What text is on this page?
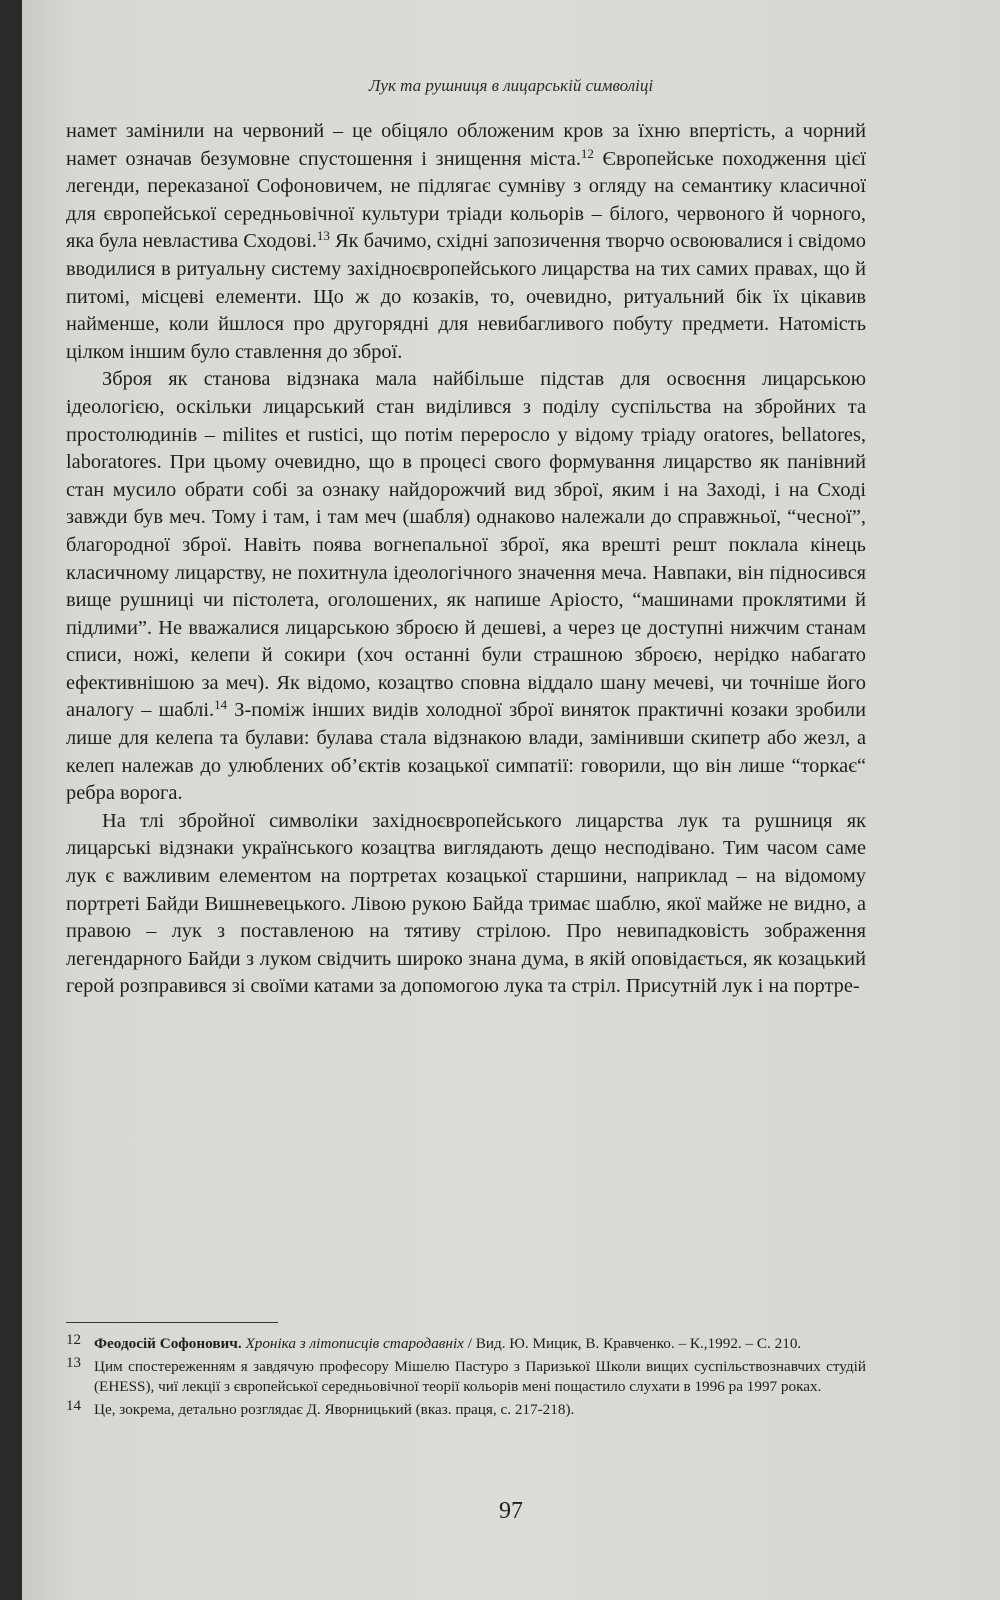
Лук та рушниця в лицарській символіці

намет замінили на червоний – це обіцяло обложеним кров за їхню впертість, а чорний намет означав безумовне спустошення і знищення міста.$^{12}$ Європейське походження цієї легенди, переказаної Софоновичем, не підлягає сумніву з огляду на семантику класичної для європейської середньовічної культури тріади кольорів – білого, червоного й чорного, яка була невластива Сходові.$^{13}$ Як бачимо, східні запозичення творчо освоювалися і свідомо вводилися в ритуальну систему західноєвропейського лицарства на тих самих правах, що й питомі, місцеві елементи. Що ж до козаків, то, очевидно, ритуальний бік їх цікавив найменше, коли йшлося про другорядні для невибагливого побуту предмети. Натомість цілком іншим було ставлення до зброї.

Зброя як станова відзнака мала найбільше підстав для освоєння лицарською ідеологією, оскільки лицарський стан виділився з поділу суспільства на збройних та простолюдинів – milites et rustici, що потім переросло у відому тріаду oratores, bellatores, laboratores. При цьому очевидно, що в процесі свого формування лицарство як панівний стан мусило обрати собі за ознаку найдорожчий вид зброї, яким і на Заході, і на Сході завжди був меч. Тому і там, і там меч (шабля) однаково належали до справжньої, “чесної”, благородної зброї. Навіть поява вогнепальної зброї, яка врешті решт поклала кінець класичному лицарству, не похитнула ідеологічного значення меча. Навпаки, він підносився вище рушниці чи пістолета, оголошених, як напише Аріосто, “машинами проклятими й підлими”. Не вважалися лицарською зброєю й дешеві, а через це доступні нижчим станам списи, ножі, келепи й сокири (хоч останні були страшною зброєю, нерідко набагато ефективнішою за меч). Як відомо, козацтво сповна віддало шану мечеві, чи точніше його аналогу – шаблі.$^{14}$ З-поміж інших видів холодної зброї виняток практичні козаки зробили лише для келепа та булави: булава стала відзнакою влади, замінивши скипетр або жезл, а келеп належав до улюблених об’єктів козацької симпатії: говорили, що він лише “торкає“ ребра ворога.

На тлі збройної символіки західноєвропейського лицарства лук та рушниця як лицарські відзнаки українського козацтва виглядають дещо несподівано. Тим часом саме лук є важливим елементом на портретах козацької старшини, наприклад – на відомому портреті Байди Вишневецького. Лівою рукою Байда тримає шаблю, якої майже не видно, а правою – лук з поставленою на тятиву стрілою. Про невипадковість зображення легендарного Байди з луком свідчить широко знана дума, в якій оповідається, як козацький герой розправився зі своїми катами за допомогою лука та стріл. Присутній лук і на портре-

12 Феодосій Софонович. Хроніка з літописців стародавніх / Вид. Ю. Мицик, В. Кравченко. – К.,1992. – С. 210.
13 Цим спостереженням я завдячую професору Мішелю Пастуро з Паризької Школи вищих суспільствознавчих студій (EHESS), чиї лекції з європейської середньовічної теорії кольорів мені пощастило слухати в 1996 ра 1997 роках.
14 Це, зокрема, детально розглядає Д. Яворницький (вказ. праця, с. 217-218).
97
